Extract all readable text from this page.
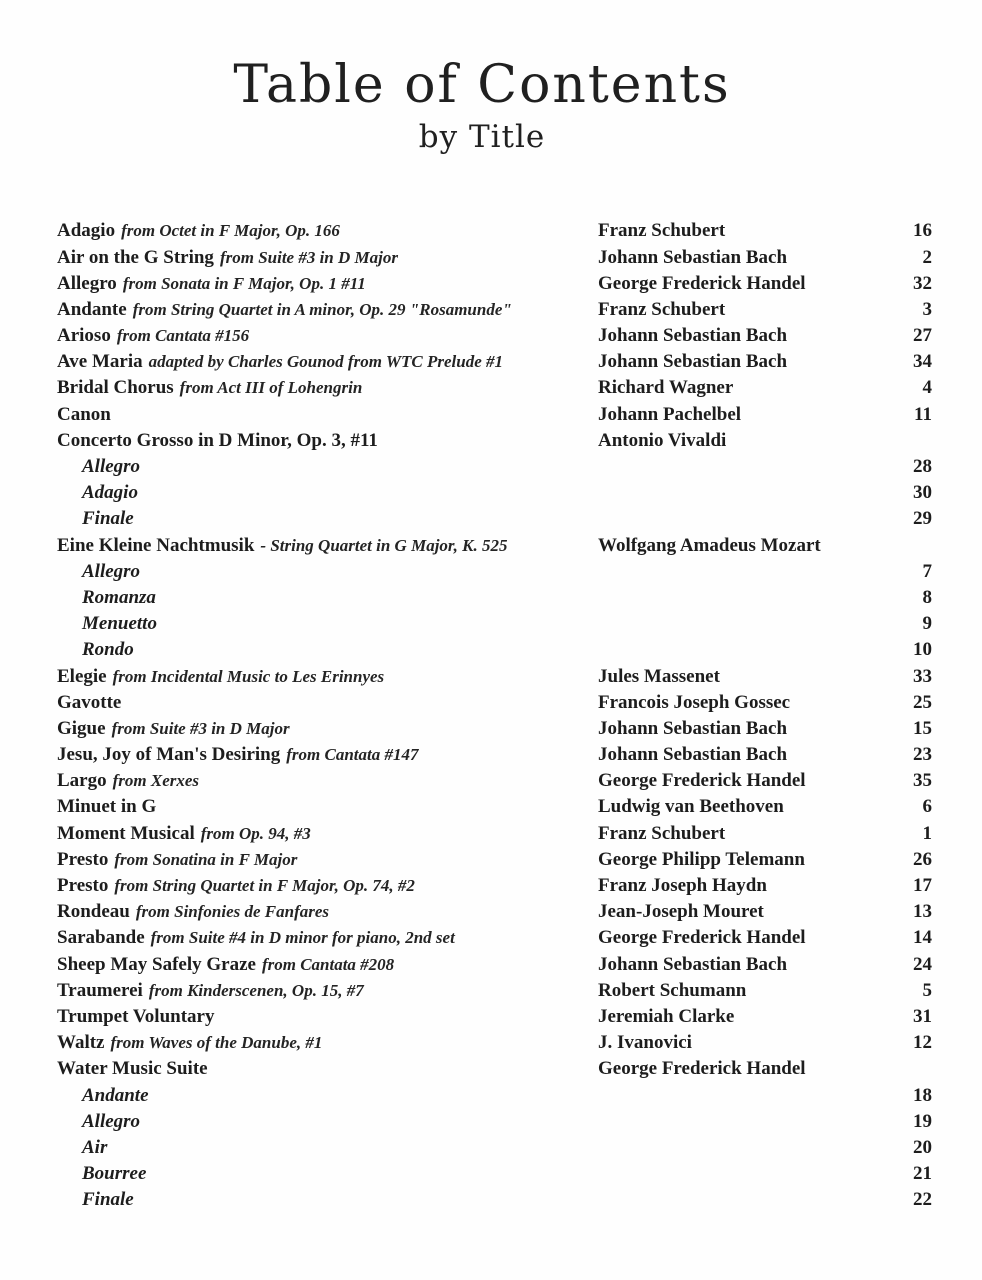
Table of Contents
by Title
Adagio from Octet in F Major, Op. 166	Franz Schubert	16
Air on the G String from Suite #3 in D Major	Johann Sebastian Bach	2
Allegro from Sonata in F Major, Op. 1 #11	George Frederick Handel	32
Andante from String Quartet in A minor, Op. 29 "Rosamunde"	Franz Schubert	3
Arioso from Cantata #156	Johann Sebastian Bach	27
Ave Maria adapted by Charles Gounod from WTC Prelude #1	Johann Sebastian Bach	34
Bridal Chorus from Act III of Lohengrin	Richard Wagner	4
Canon	Johann Pachelbel	11
Concerto Grosso in D Minor, Op. 3, #11	Antonio Vivaldi
Allegro	28
Adagio	30
Finale	29
Eine Kleine Nachtmusik - String Quartet in G Major, K. 525	Wolfgang Amadeus Mozart
Allegro	7
Romanza	8
Menuetto	9
Rondo	10
Elegie from Incidental Music to Les Erinnyes	Jules Massenet	33
Gavotte	Francois Joseph Gossec	25
Gigue from Suite #3 in D Major	Johann Sebastian Bach	15
Jesu, Joy of Man's Desiring from Cantata #147	Johann Sebastian Bach	23
Largo from Xerxes	George Frederick Handel	35
Minuet in G	Ludwig van Beethoven	6
Moment Musical from Op. 94, #3	Franz Schubert	1
Presto from Sonatina in F Major	George Philipp Telemann	26
Presto from String Quartet in F Major, Op. 74, #2	Franz Joseph Haydn	17
Rondeau from Sinfonies de Fanfares	Jean-Joseph Mouret	13
Sarabande from Suite #4 in D minor for piano, 2nd set	George Frederick Handel	14
Sheep May Safely Graze from Cantata #208	Johann Sebastian Bach	24
Traumerei from Kinderscenen, Op. 15, #7	Robert Schumann	5
Trumpet Voluntary	Jeremiah Clarke	31
Waltz from Waves of the Danube, #1	J. Ivanovici	12
Water Music Suite	George Frederick Handel
Andante	18
Allegro	19
Air	20
Bourree	21
Finale	22
